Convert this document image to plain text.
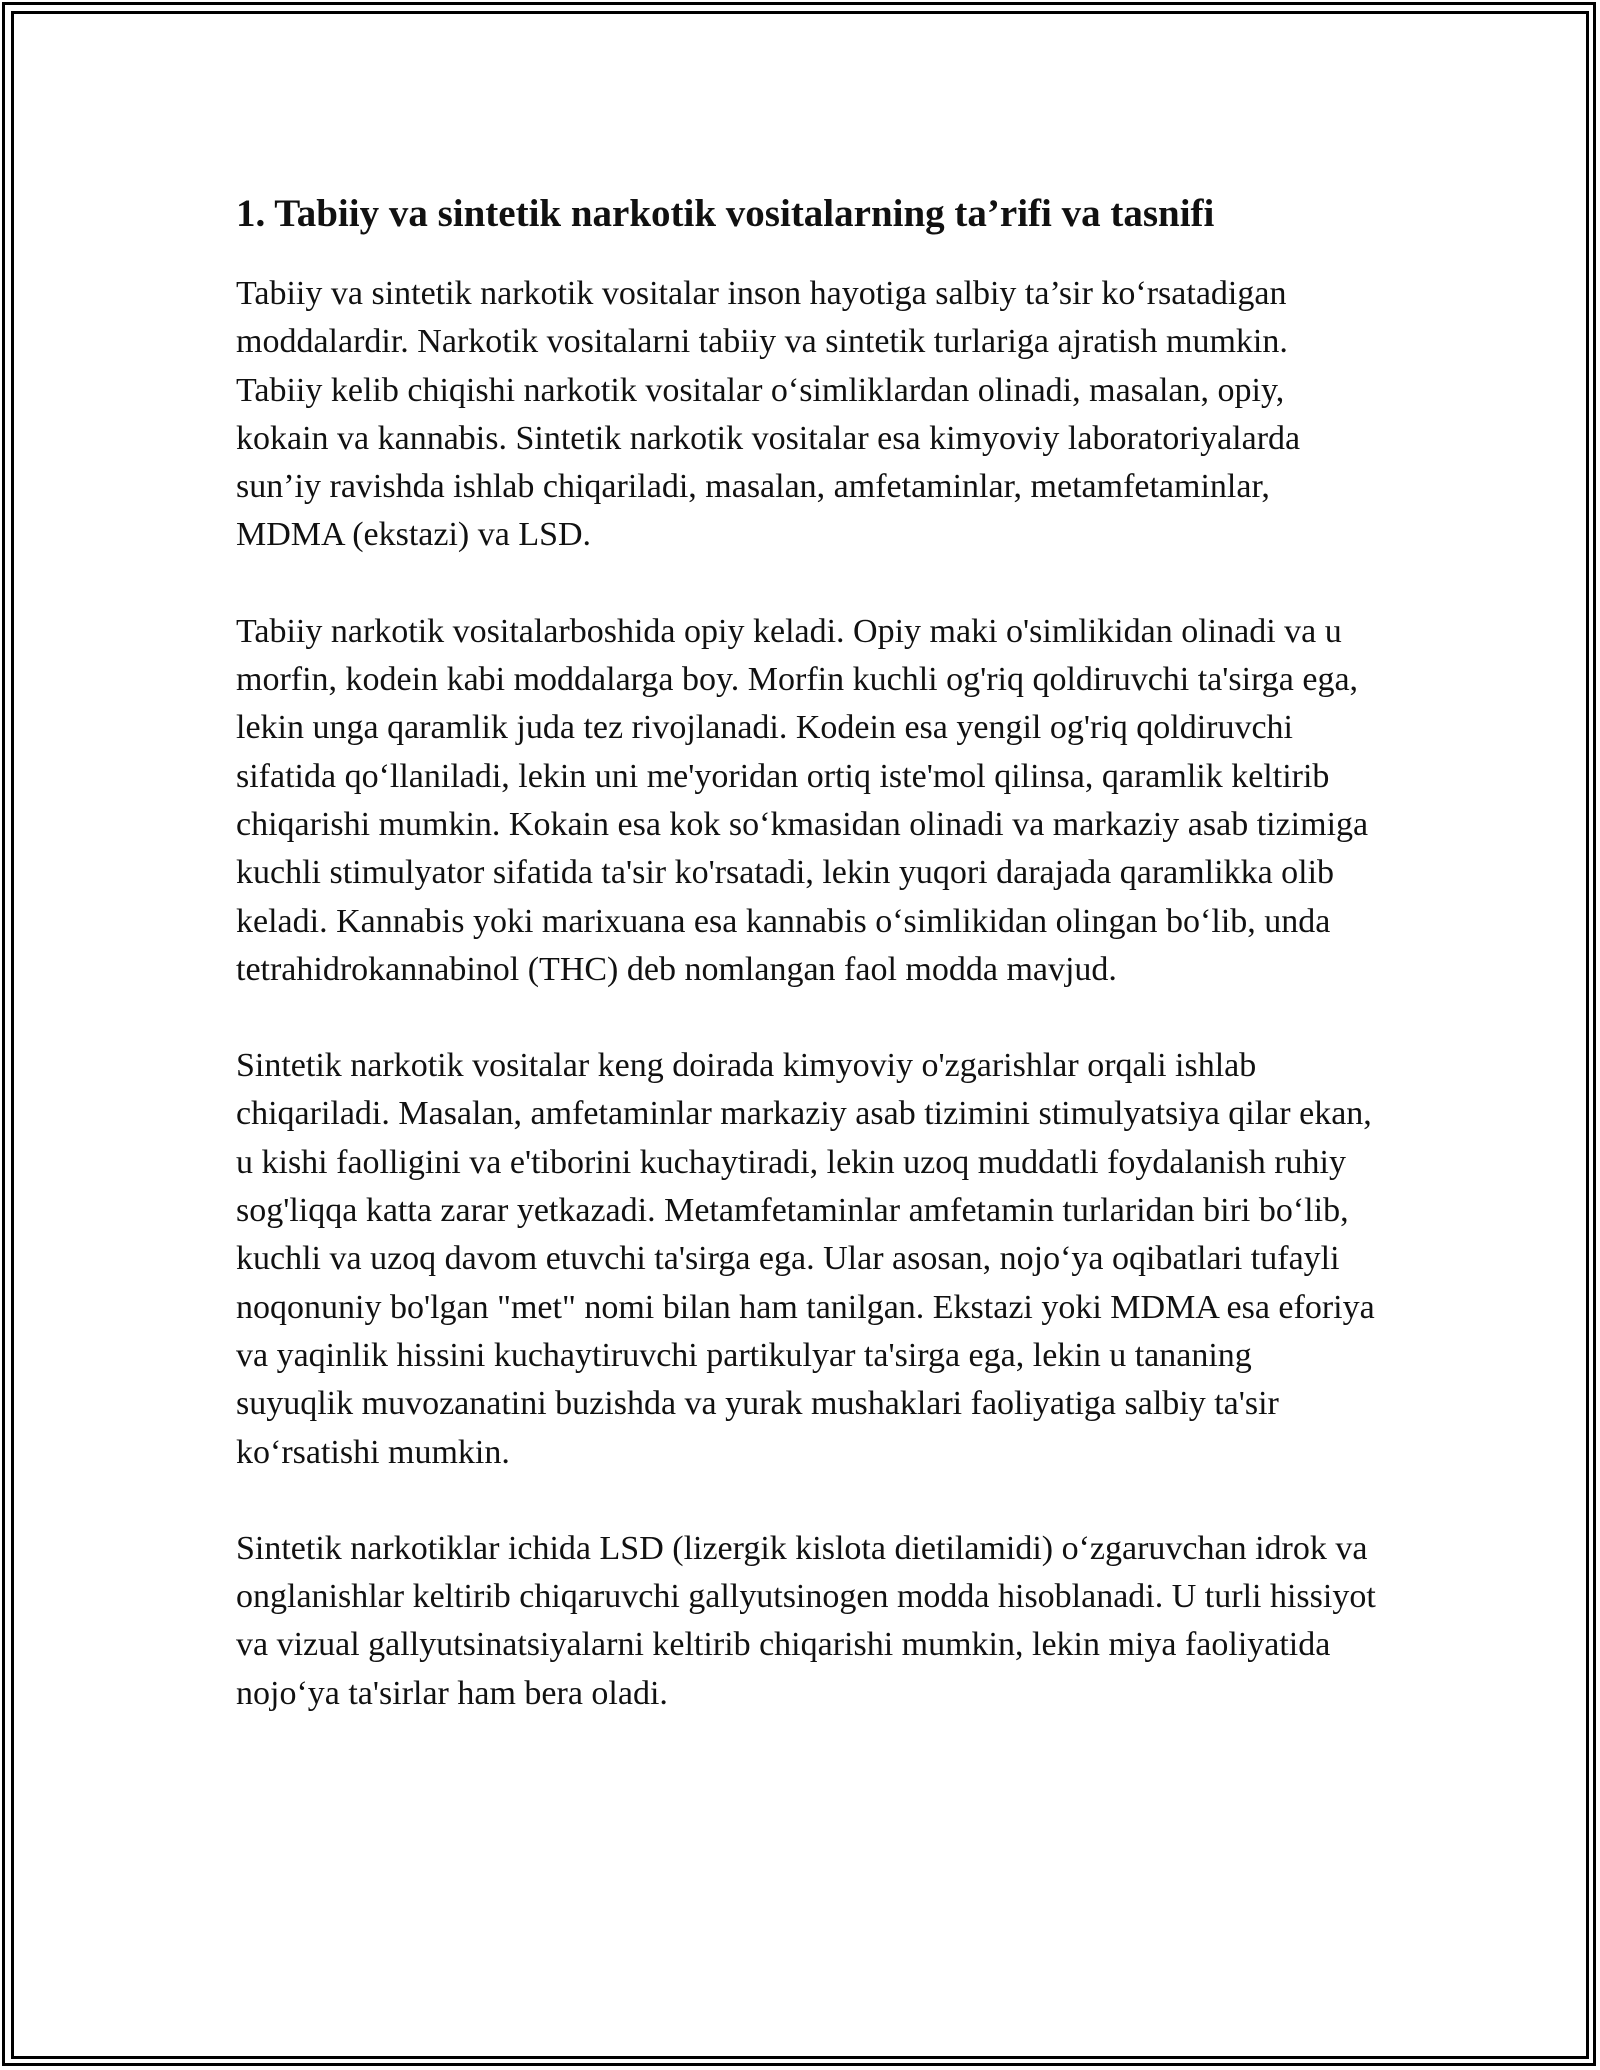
1. Tabiiy va sintetik narkotik vositalarning ta’rifi va tasnifi

Tabiiy va sintetik narkotik vositalar inson hayotiga salbiy ta’sir ko‘rsatadigan moddalardir. Narkotik vositalarni tabiiy va sintetik turlariga ajratish mumkin. Tabiiy kelib chiqishi narkotik vositalar o‘simliklardan olinadi, masalan, opiy, kokain va kannabis. Sintetik narkotik vositalar esa kimyoviy laboratoriyalarda sun’iy ravishda ishlab chiqariladi, masalan, amfetaminlar, metamfetaminlar, MDMA (ekstazi) va LSD.

Tabiiy narkotik vositalarboshida opiy keladi. Opiy maki o'simlikidan olinadi va u morfin, kodein kabi moddalarga boy. Morfin kuchli og'riq qoldiruvchi ta'sirga ega, lekin unga qaramlik juda tez rivojlanadi. Kodein esa yengil og'riq qoldiruvchi sifatida qo‘llaniladi, lekin uni me'yoridan ortiq iste'mol qilinsa, qaramlik keltirib chiqarishi mumkin. Kokain esa kok so‘kmasidan olinadi va markaziy asab tizimiga kuchli stimulyator sifatida ta'sir ko'rsatadi, lekin yuqori darajada qaramlikka olib keladi. Kannabis yoki marixuana esa kannabis o‘simlikidan olingan bo‘lib, unda tetrahidrokannabinol (THC) deb nomlangan faol modda mavjud.

Sintetik narkotik vositalar keng doirada kimyoviy o'zgarishlar orqali ishlab chiqariladi. Masalan, amfetaminlar markaziy asab tizimini stimulyatsiya qilar ekan, u kishi faolligini va e'tiborini kuchaytiradi, lekin uzoq muddatli foydalanish ruhiy sog'liqqa katta zarar yetkazadi. Metamfetaminlar amfetamin turlaridan biri bo‘lib, kuchli va uzoq davom etuvchi ta'sirga ega. Ular asosan, nojo‘ya oqibatlari tufayli noqonuniy bo'lgan "met" nomi bilan ham tanilgan. Ekstazi yoki MDMA esa eforiya va yaqinlik hissini kuchaytiruvchi partikulyar ta'sirga ega, lekin u tananing suyuqlik muvozanatini buzishda va yurak mushaklari faoliyatiga salbiy ta'sir ko‘rsatishi mumkin.

Sintetik narkotiklar ichida LSD (lizergik kislota dietilamidi) o‘zgaruvchan idrok va onglanishlar keltirib chiqaruvchi gallyutsinogen modda hisoblanadi. U turli hissiyot va vizual gallyutsinatsiyalarni keltirib chiqarishi mumkin, lekin miya faoliyatida nojo‘ya ta'sirlar ham bera oladi.
